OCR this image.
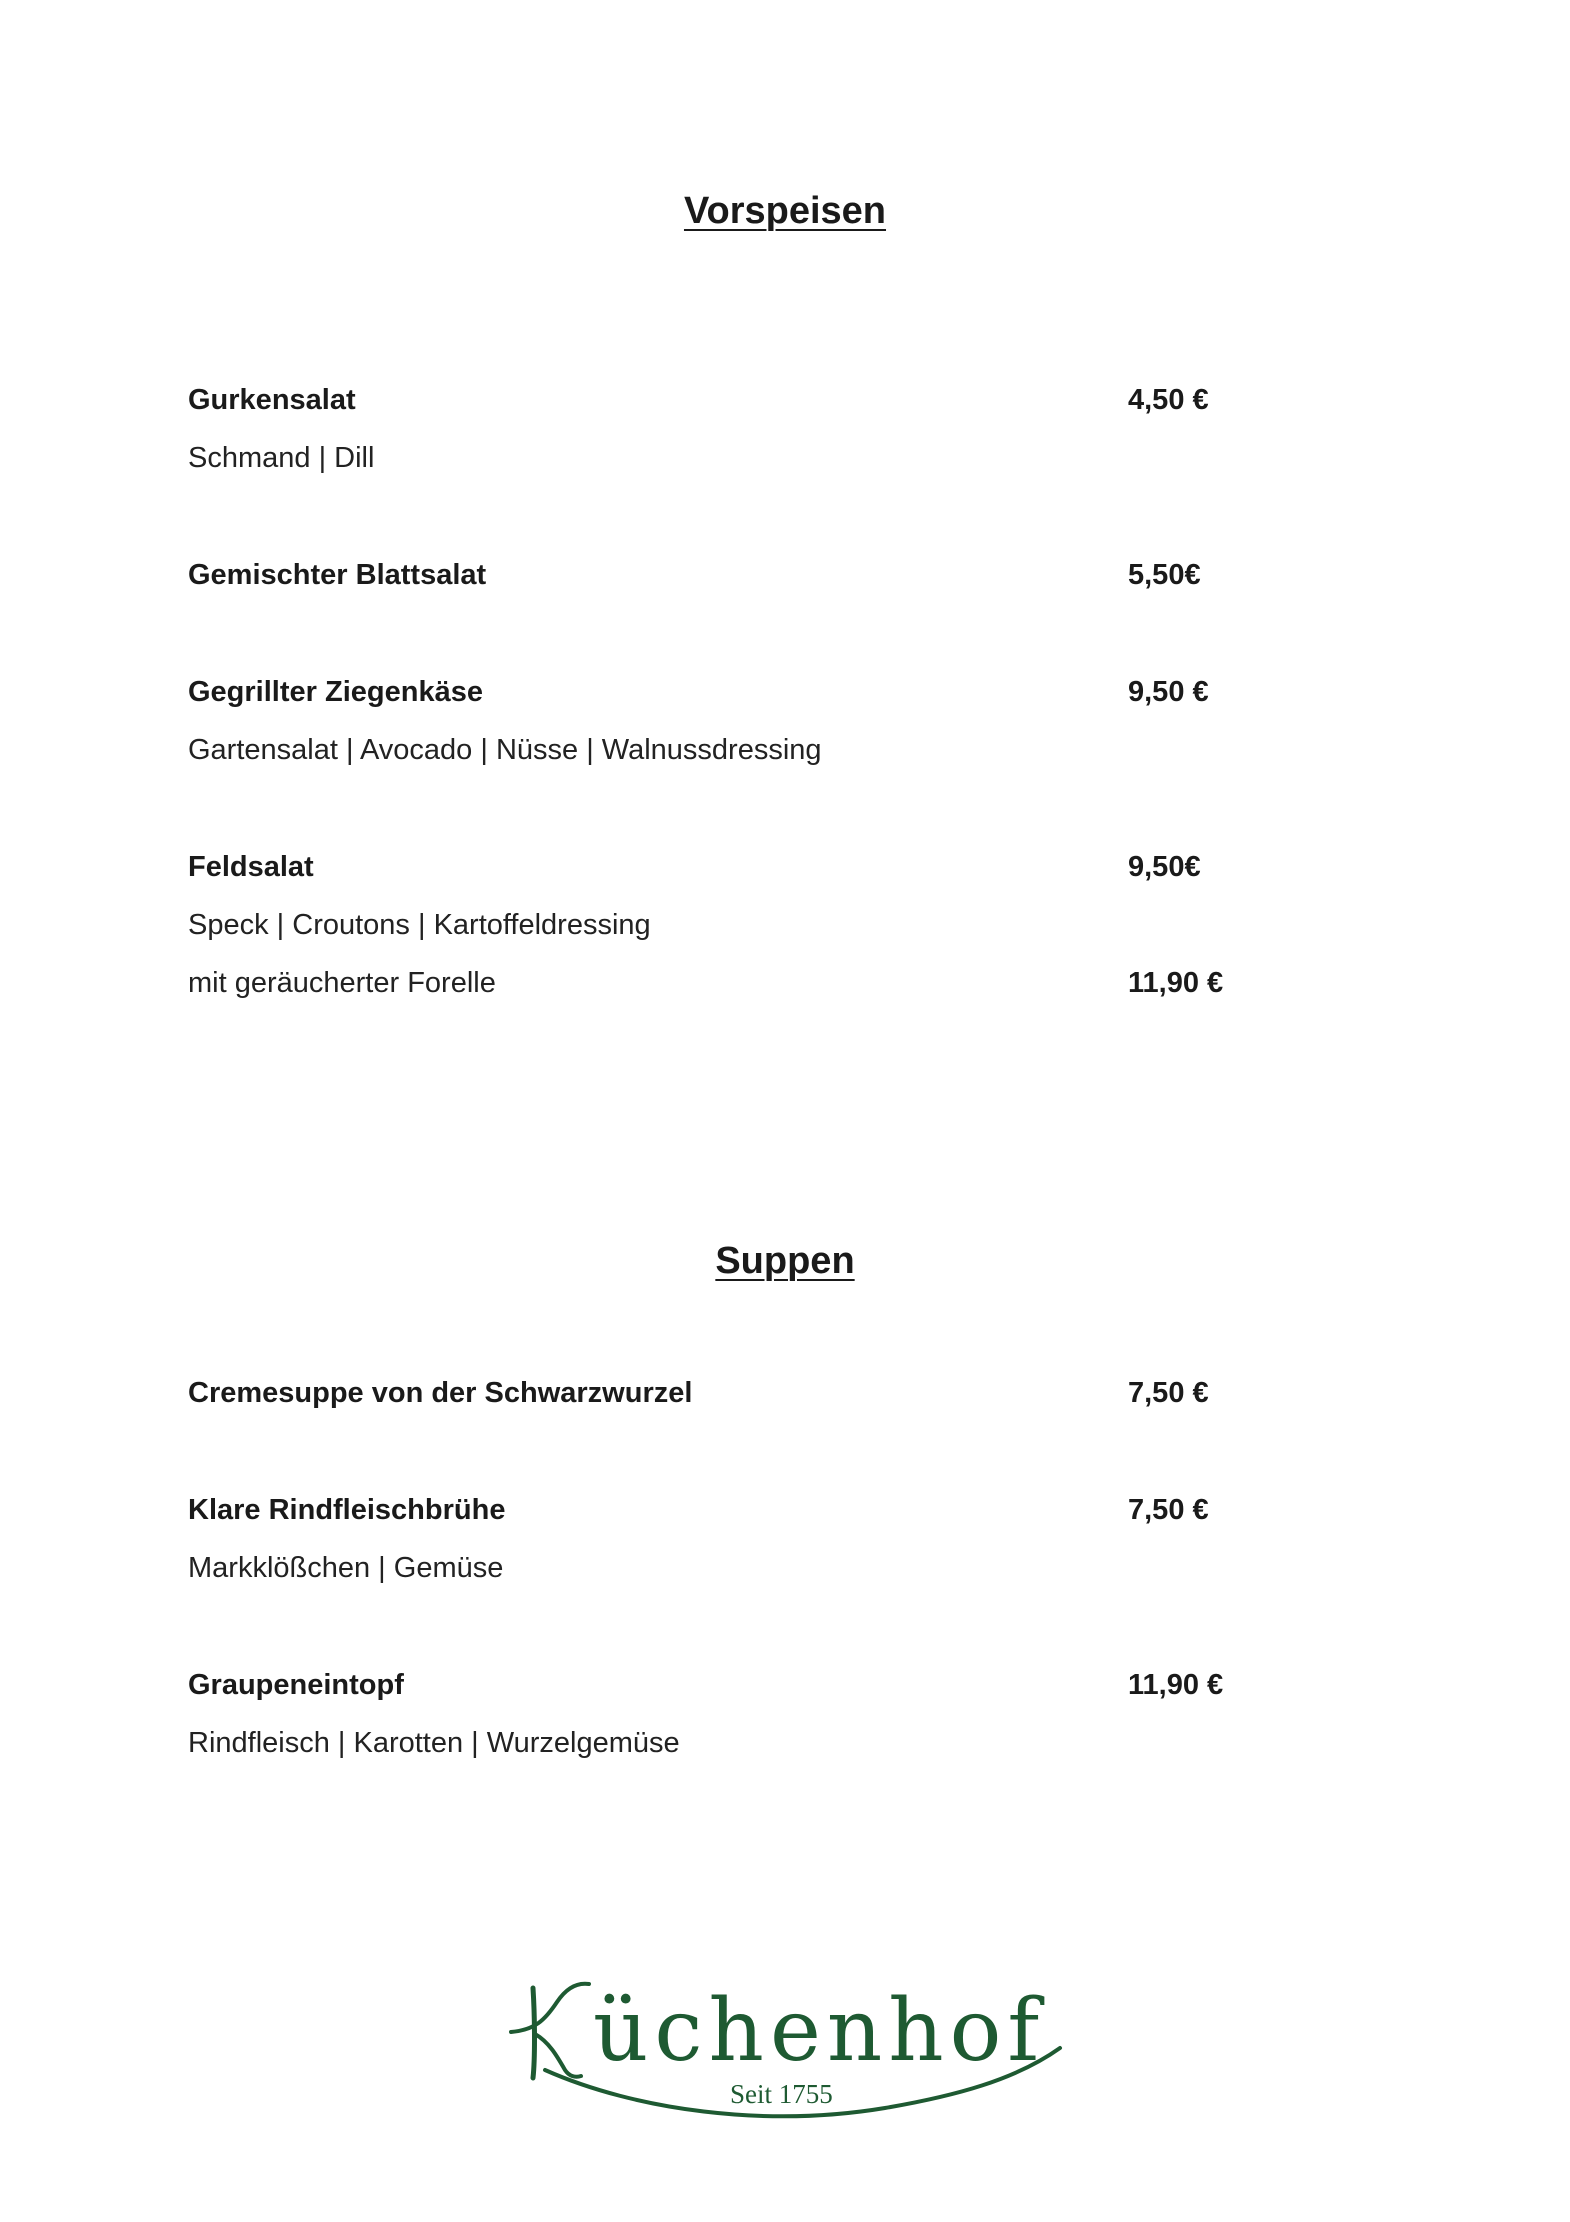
Vorspeisen
Gurkensalat	4,50 €
Schmand | Dill
Gemischter Blattsalat	5,50€
Gegrillter Ziegenkäse	9,50 €
Gartensalat | Avocado | Nüsse | Walnussdressing
Feldsalat	9,50€
Speck | Croutons | Kartoffeldressing
mit geräucherter Forelle	11,90 €
Suppen
Cremesuppe von der Schwarzwurzel	7,50 €
Klare Rindfleischbrühe	7,50 €
Markklößchen | Gemüse
Graupeneintopf	11,90 €
Rindfleisch | Karotten | Wurzelgemüse
üchenhof
Seit 1755
